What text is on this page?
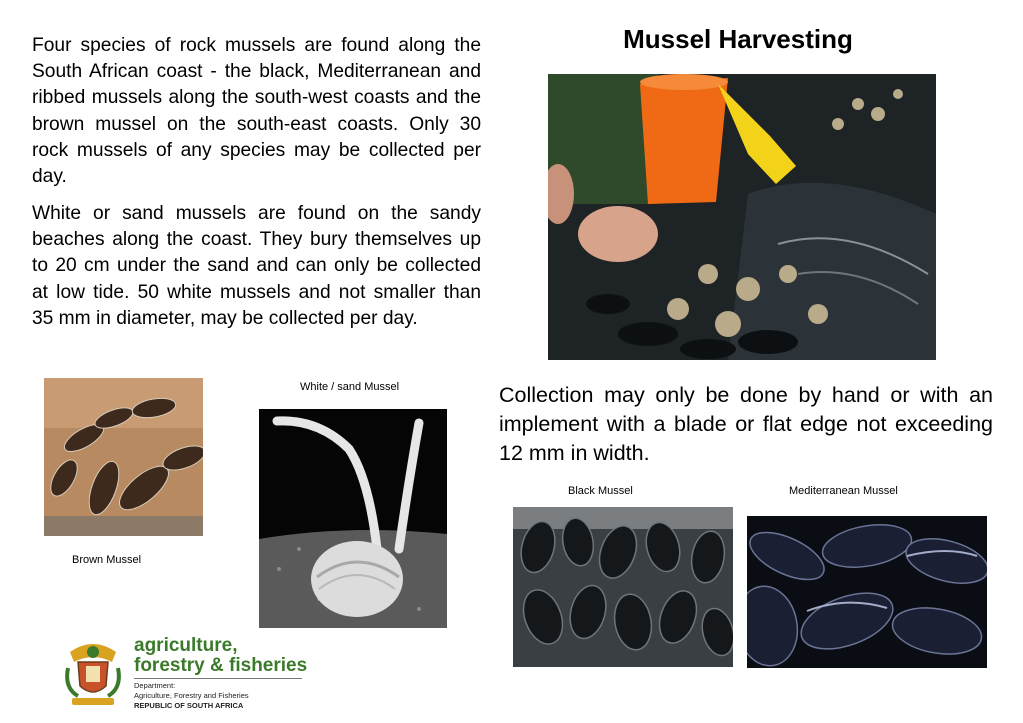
Four species of rock mussels are found along the South African coast - the black, Mediterranean and ribbed mussels along the south-west coasts and the brown mussel on the south-east coasts. Only 30 rock mussels of any species may be collected per day.

White or sand mussels are found on the sandy beaches along the coast. They bury themselves up to 20 cm under the sand and can only be collected at low tide. 50 white mussels and not smaller than 35 mm in diameter, may be collected per day.

Mussel Harvesting

Collection may only be done by hand or with an implement with a blade or flat edge not exceeding 12 mm in width.

White / sand Mussel
Brown Mussel
Black Mussel	Mediterranean Mussel
agriculture,
forestry & fisheries
Department:
Agriculture, Forestry and Fisheries
REPUBLIC OF SOUTH AFRICA
